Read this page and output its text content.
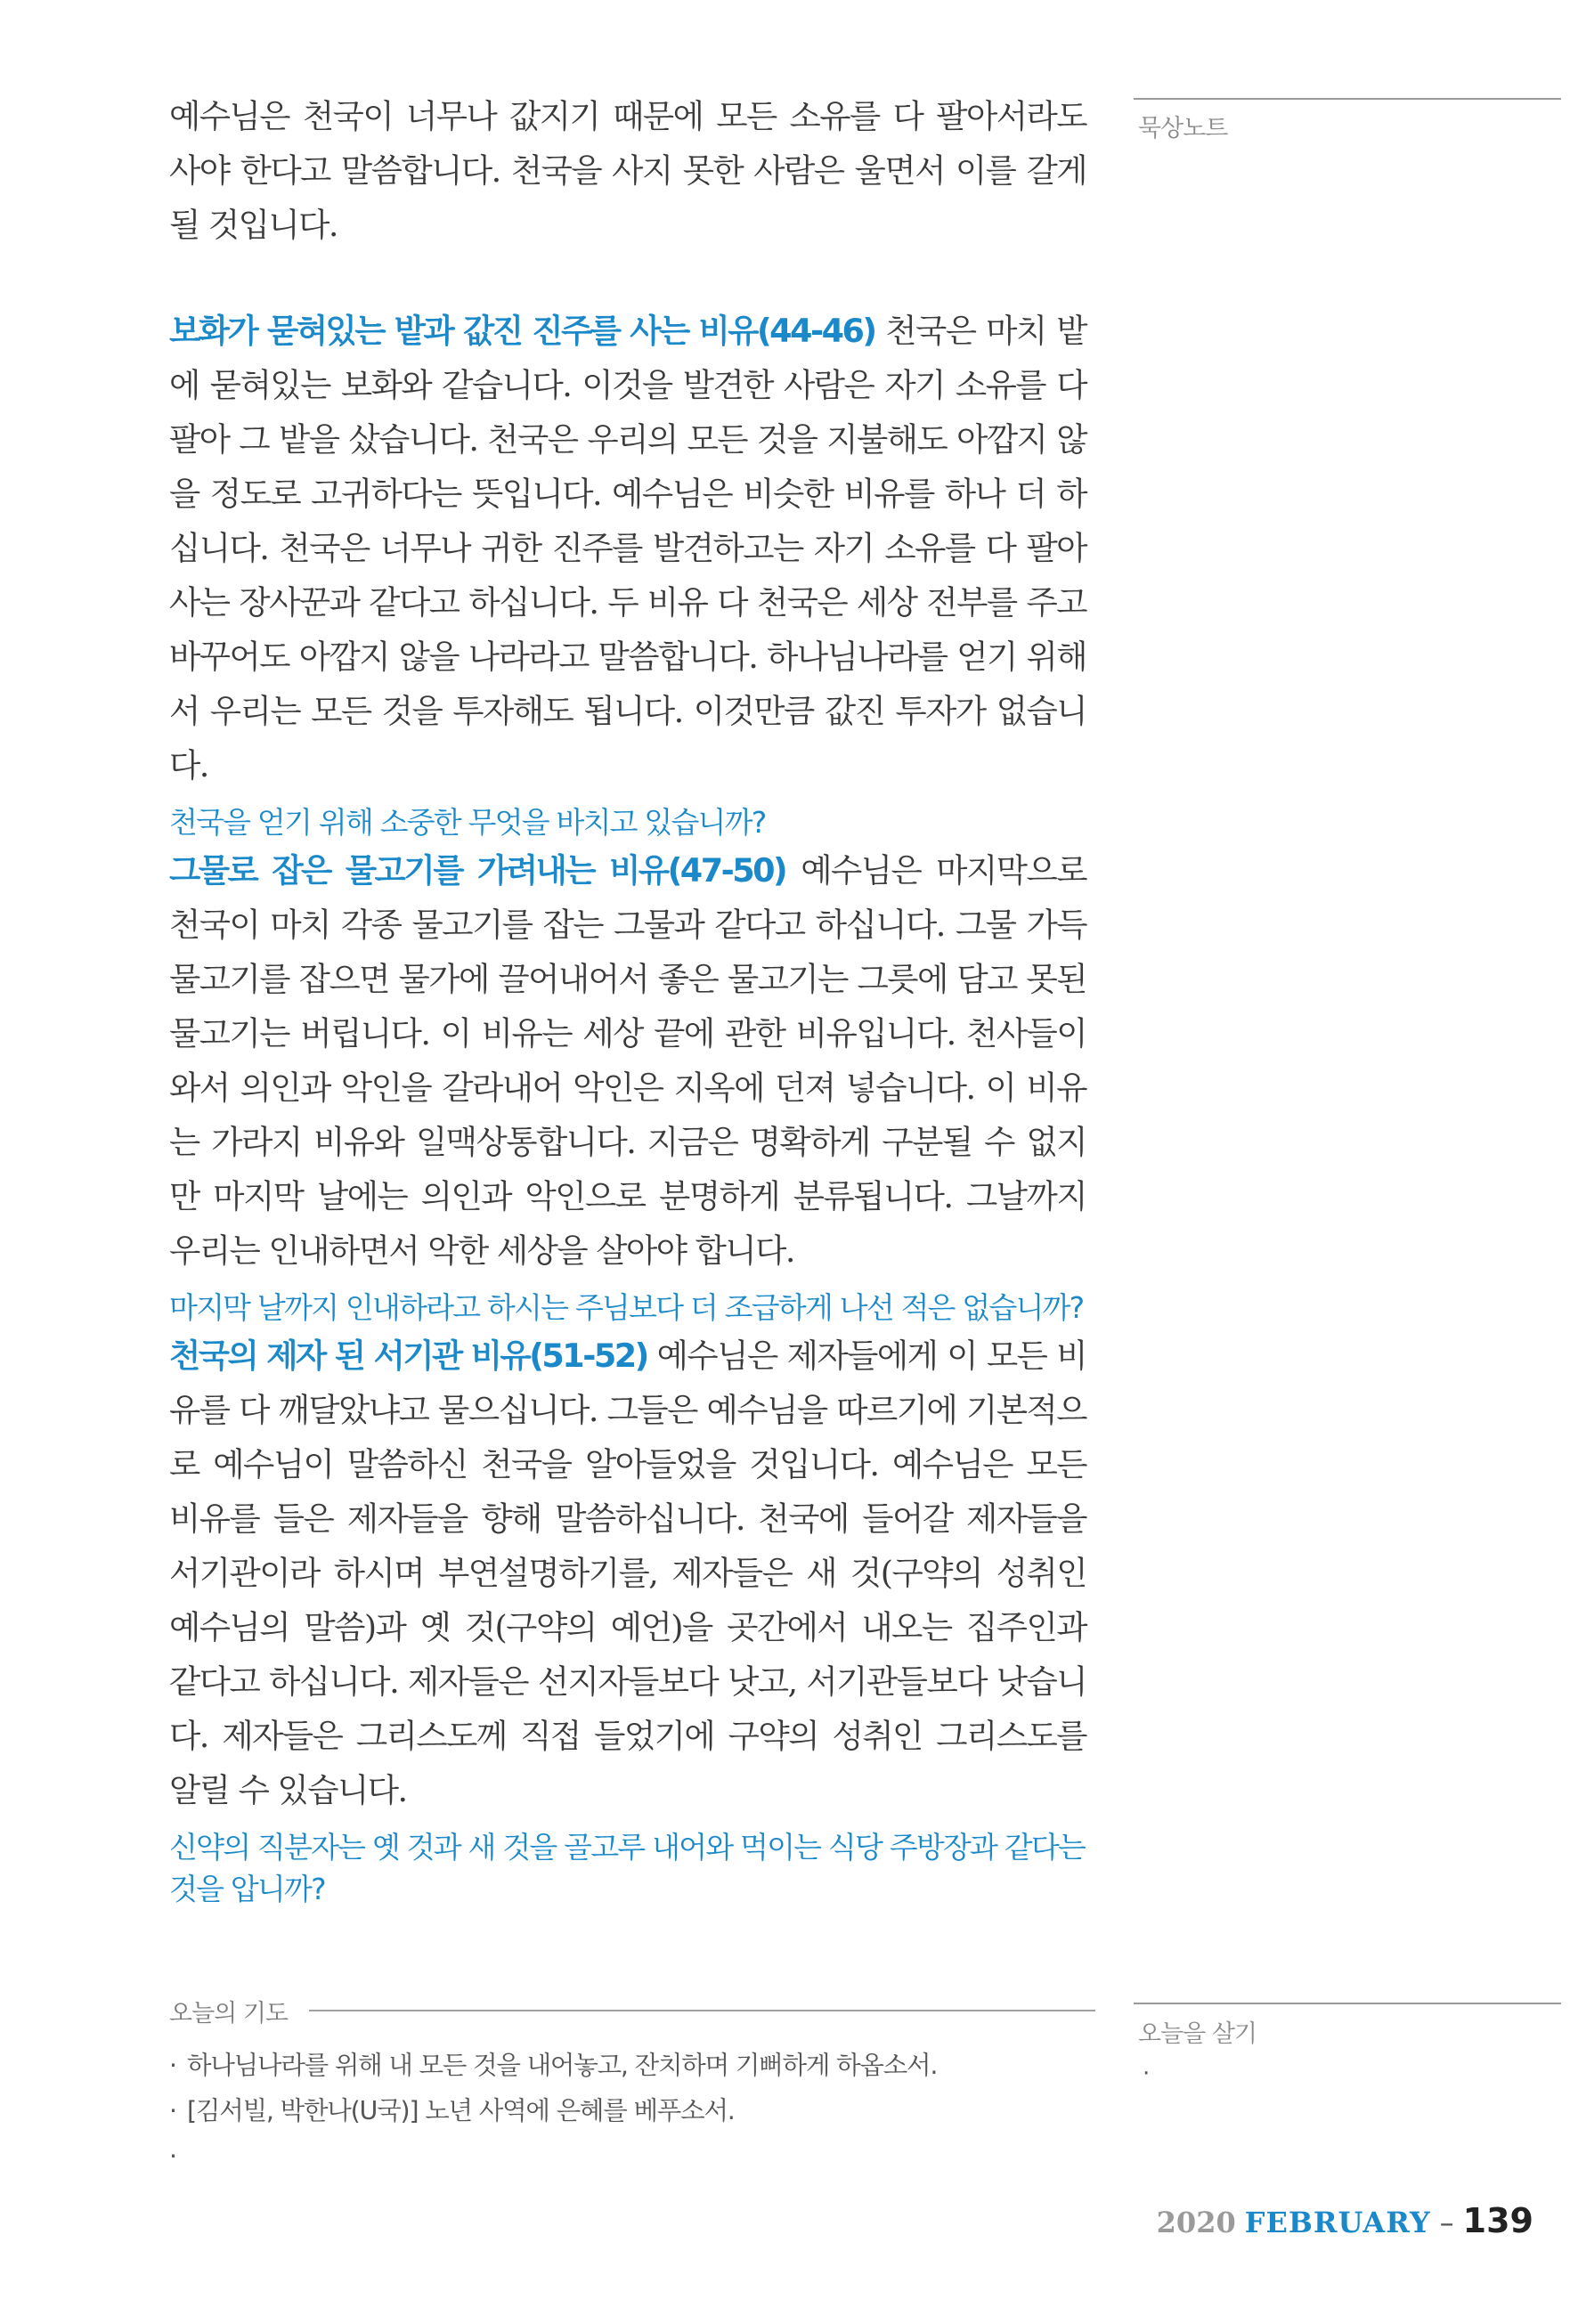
예수님은 천국이 너무나 값지기 때문에 모든 소유를 다 팔아서라도 사야 한다고 말씀합니다. 천국을 사지 못한 사람은 울면서 이를 갈게 될 것입니다.

보화가 묻혀있는 밭과 값진 진주를 사는 비유(44-46) 천국은 마치 밭에 묻혀있는 보화와 같습니다. 이것을 발견한 사람은 자기 소유를 다 팔아 그 밭을 샀습니다. 천국은 우리의 모든 것을 지불해도 아깝지 않을 정도로 고귀하다는 뜻입니다. 예수님은 비슷한 비유를 하나 더 하십니다. 천국은 너무나 귀한 진주를 발견하고는 자기 소유를 다 팔아 사는 장사꾼과 같다고 하십니다. 두 비유 다 천국은 세상 전부를 주고 바꾸어도 아깝지 않을 나라라고 말씀합니다. 하나님나라를 얻기 위해서 우리는 모든 것을 투자해도 됩니다. 이것만큼 값진 투자가 없습니다.

천국을 얻기 위해 소중한 무엇을 바치고 있습니까?

그물로 잡은 물고기를 가려내는 비유(47-50) 예수님은 마지막으로 천국이 마치 각종 물고기를 잡는 그물과 같다고 하십니다. 그물 가득 물고기를 잡으면 물가에 끌어내어서 좋은 물고기는 그릇에 담고 못된 물고기는 버립니다. 이 비유는 세상 끝에 관한 비유입니다. 천사들이 와서 의인과 악인을 갈라내어 악인은 지옥에 던져 넣습니다. 이 비유는 가라지 비유와 일맥상통합니다. 지금은 명확하게 구분될 수 없지만 마지막 날에는 의인과 악인으로 분명하게 분류됩니다. 그날까지 우리는 인내하면서 악한 세상을 살아야 합니다.

마지막 날까지 인내하라고 하시는 주님보다 더 조급하게 나선 적은 없습니까?

천국의 제자 된 서기관 비유(51-52) 예수님은 제자들에게 이 모든 비유를 다 깨달았냐고 물으십니다. 그들은 예수님을 따르기에 기본적으로 예수님이 말씀하신 천국을 알아들었을 것입니다. 예수님은 모든 비유를 들은 제자들을 향해 말씀하십니다. 천국에 들어갈 제자들을 서기관이라 하시며 부연설명하기를, 제자들은 새 것(구약의 성취인 예수님의 말씀)과 옛 것(구약의 예언)을 곳간에서 내오는 집주인과 같다고 하십니다. 제자들은 선지자들보다 낫고, 서기관들보다 낫습니다. 제자들은 그리스도께 직접 들었기에 구약의 성취인 그리스도를 알릴 수 있습니다.

신약의 직분자는 옛 것과 새 것을 골고루 내어와 먹이는 식당 주방장과 같다는 것을 압니까?

묵상노트
오늘을 살기
·
오늘의 기도
· 하나님나라를 위해 내 모든 것을 내어놓고, 잔치하며 기뻐하게 하옵소서.
· [김서빌, 박한나(U국)] 노년 사역에 은혜를 베푸소서.
·
2020 FEBRUARY – 139
